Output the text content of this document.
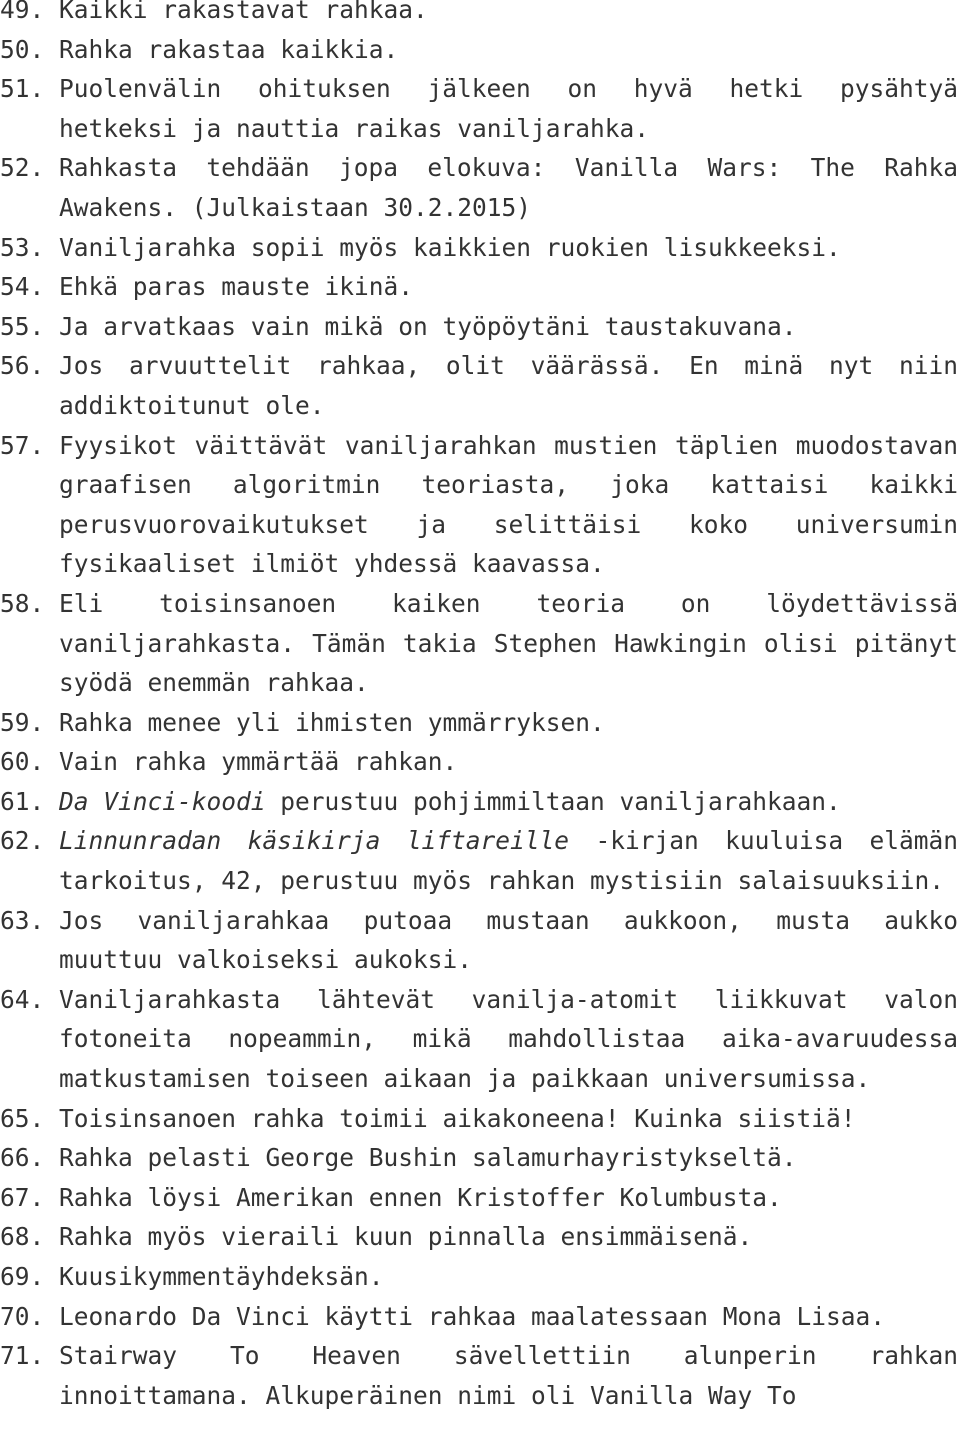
49. Kaikki rakastavat rahkaa.
50. Rahka rakastaa kaikkia.
51. Puolenvälin ohituksen jälkeen on hyvä hetki pysähtyä hetkeksi ja nauttia raikas vaniljarahka.
52. Rahkasta tehdään jopa elokuva: Vanilla Wars: The Rahka Awakens. (Julkaistaan 30.2.2015)
53. Vaniljarahka sopii myös kaikkien ruokien lisukkeeksi.
54. Ehkä paras mauste ikinä.
55. Ja arvatkaas vain mikä on työpöytäni taustakuvana.
56. Jos arvuuttelit rahkaa, olit väärässä. En minä nyt niin addiktoitunut ole.
57. Fyysikot väittävät vaniljarahkan mustien täplien muodostavan graafisen algoritmin teoriasta, joka kattaisi kaikki perusvuorovaikutukset ja selittäisi koko universumin fysikaaliset ilmiöt yhdessä kaavassa.
58. Eli toisinsanoen kaiken teoria on löydettävissä vaniljarahkasta. Tämän takia Stephen Hawkingin olisi pitänyt syödä enemmän rahkaa.
59. Rahka menee yli ihmisten ymmärryksen.
60. Vain rahka ymmärtää rahkan.
61. Da Vinci-koodi perustuu pohjimmiltaan vaniljarahkaan.
62. Linnunradan käsikirja liftareille -kirjan kuuluisa elämän tarkoitus, 42, perustuu myös rahkan mystisiin salaisuuksiin.
63. Jos vaniljarahkaa putoaa mustaan aukkoon, musta aukko muuttuu valkoiseksi aukoksi.
64. Vaniljarahkasta lähtevät vanilja-atomit liikkuvat valon fotoneita nopeammin, mikä mahdollistaa aika-avaruudessa matkustamisen toiseen aikaan ja paikkaan universumissa.
65. Toisinsanoen rahka toimii aikakoneena! Kuinka siistiä!
66. Rahka pelasti George Bushin salamurhayristykseltä.
67. Rahka löysi Amerikan ennen Kristoffer Kolumbusta.
68. Rahka myös vieraili kuun pinnalla ensimmäisenä.
69. Kuusikymmentäyhdeksän.
70. Leonardo Da Vinci käytti rahkaa maalatessaan Mona Lisaa.
71. Stairway To Heaven sävellettiin alunperin rahkan innoittamana. Alkuperäinen nimi oli Vanilla Way To
